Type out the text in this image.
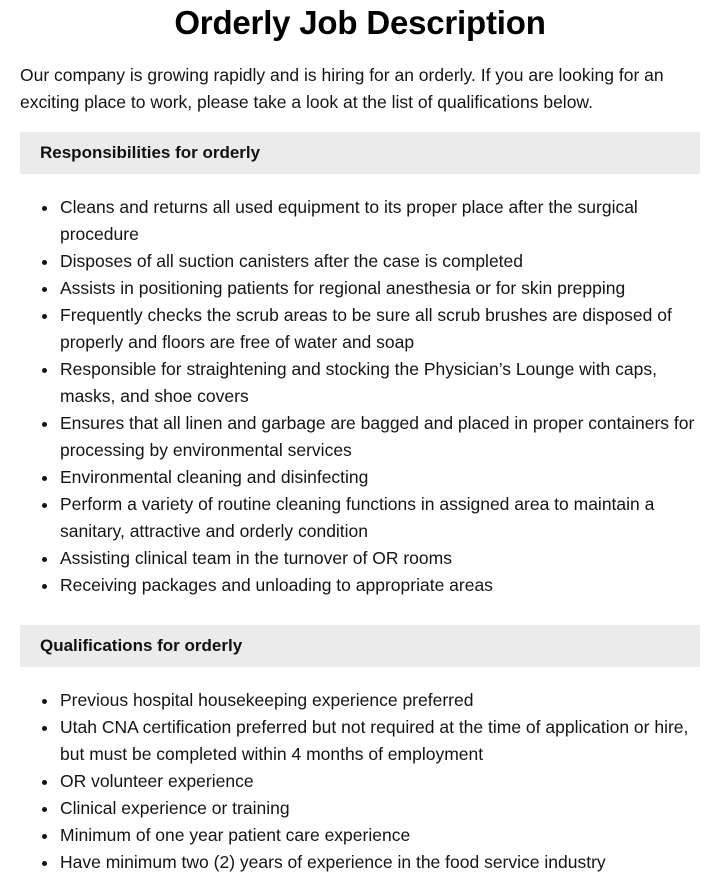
Orderly Job Description

Our company is growing rapidly and is hiring for an orderly. If you are looking for an exciting place to work, please take a look at the list of qualifications below.

Responsibilities for orderly
Cleans and returns all used equipment to its proper place after the surgical procedure
Disposes of all suction canisters after the case is completed
Assists in positioning patients for regional anesthesia or for skin prepping
Frequently checks the scrub areas to be sure all scrub brushes are disposed of properly and floors are free of water and soap
Responsible for straightening and stocking the Physician’s Lounge with caps, masks, and shoe covers
Ensures that all linen and garbage are bagged and placed in proper containers for processing by environmental services
Environmental cleaning and disinfecting
Perform a variety of routine cleaning functions in assigned area to maintain a sanitary, attractive and orderly condition
Assisting clinical team in the turnover of OR rooms
Receiving packages and unloading to appropriate areas
Qualifications for orderly
Previous hospital housekeeping experience preferred
Utah CNA certification preferred but not required at the time of application or hire, but must be completed within 4 months of employment
OR volunteer experience
Clinical experience or training
Minimum of one year patient care experience
Have minimum two (2) years of experience in the food service industry
